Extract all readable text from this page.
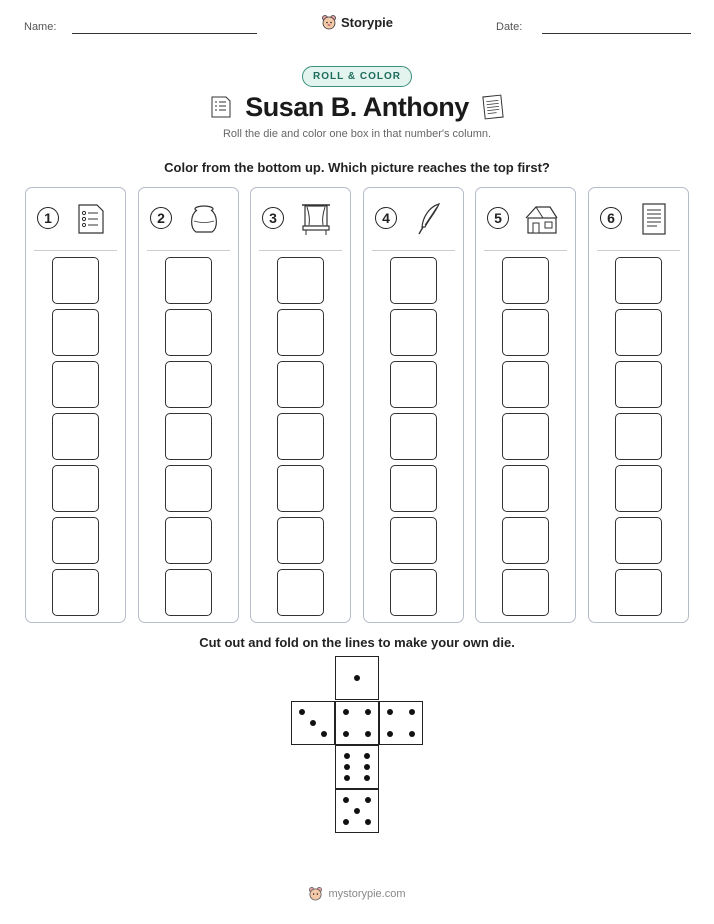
Name:	Storypie	Date:
ROLL & COLOR
Susan B. Anthony
Roll the die and color one box in that number's column.
Color from the bottom up. Which picture reaches the top first?
1	2	3	4	5	6
Cut out and fold on the lines to make your own die.
mystorypie.com
